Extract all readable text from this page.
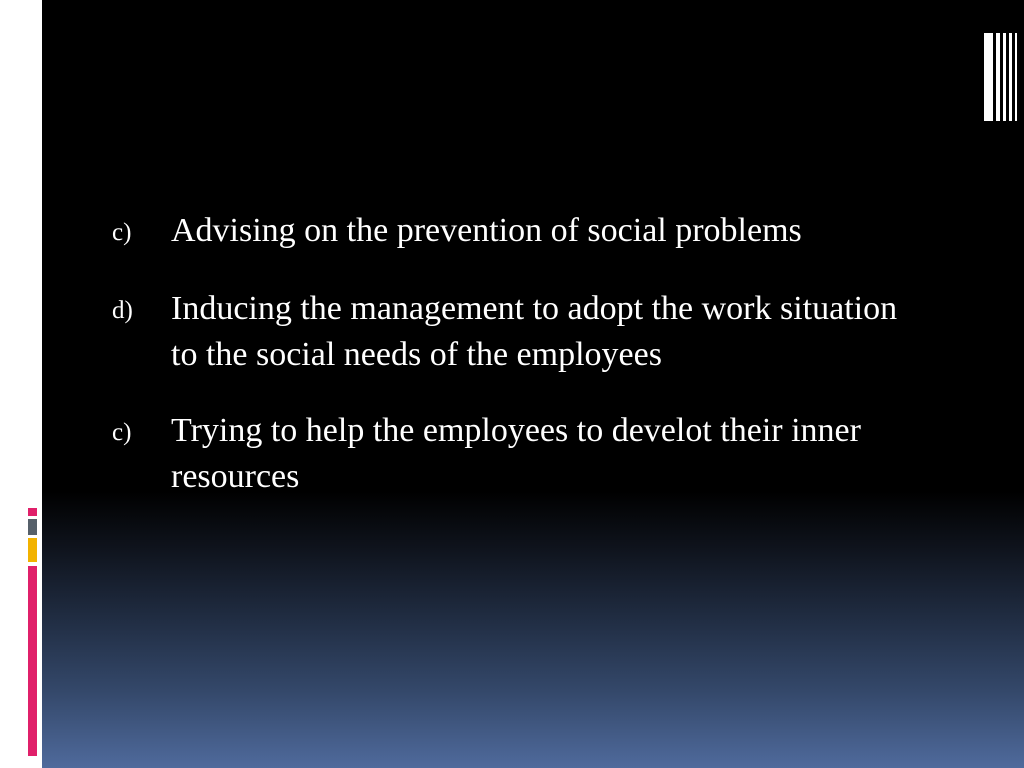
c)	Advising on the prevention of social problems
d)	Inducing the management to adopt the work situation to the social needs of the employees
c)	Trying to help the employees to develot their inner resources
